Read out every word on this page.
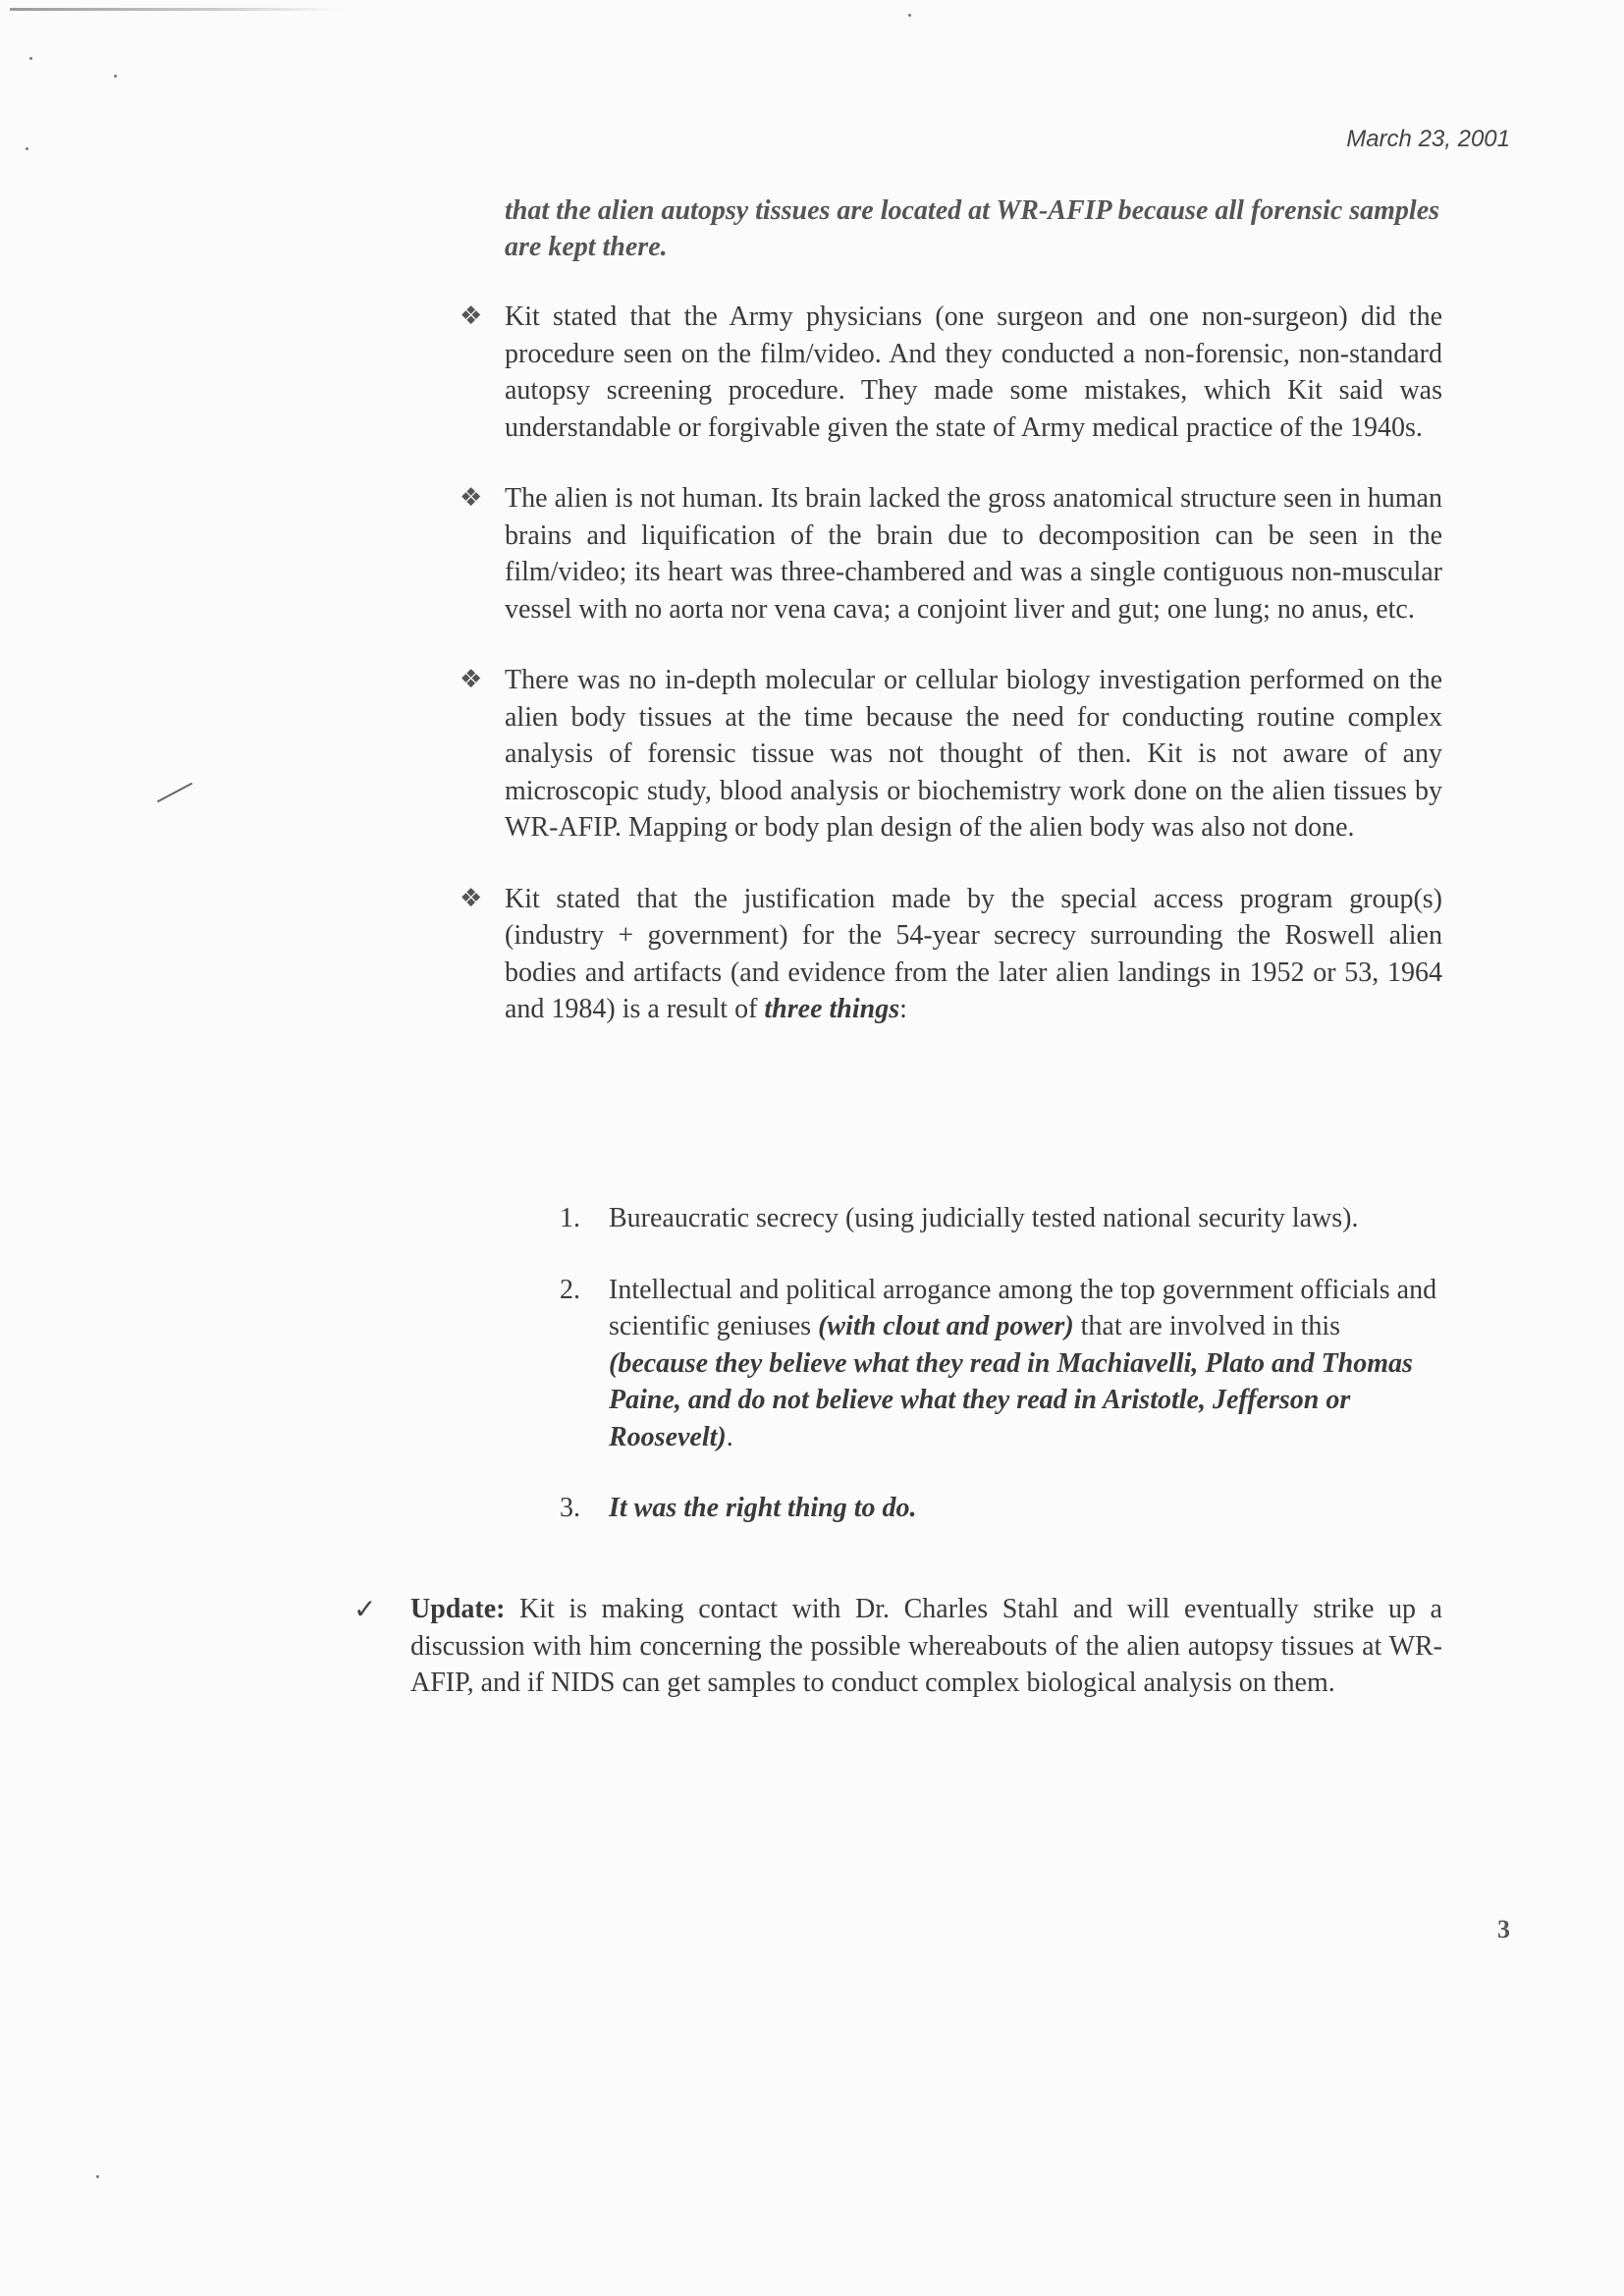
March 23, 2001
that the alien autopsy tissues are located at WR-AFIP because all forensic samples are kept there.
❖ Kit stated that the Army physicians (one surgeon and one non-surgeon) did the procedure seen on the film/video. And they conducted a non-forensic, non-standard autopsy screening procedure. They made some mistakes, which Kit said was understandable or forgivable given the state of Army medical practice of the 1940s.
❖ The alien is not human. Its brain lacked the gross anatomical structure seen in human brains and liquification of the brain due to decomposition can be seen in the film/video; its heart was three-chambered and was a single contiguous non-muscular vessel with no aorta nor vena cava; a conjoint liver and gut; one lung; no anus, etc.
❖ There was no in-depth molecular or cellular biology investigation performed on the alien body tissues at the time because the need for conducting routine complex analysis of forensic tissue was not thought of then. Kit is not aware of any microscopic study, blood analysis or biochemistry work done on the alien tissues by WR-AFIP. Mapping or body plan design of the alien body was also not done.
❖ Kit stated that the justification made by the special access program group(s) (industry + government) for the 54-year secrecy surrounding the Roswell alien bodies and artifacts (and evidence from the later alien landings in 1952 or 53, 1964 and 1984) is a result of three things:
1. Bureaucratic secrecy (using judicially tested national security laws).
2. Intellectual and political arrogance among the top government officials and scientific geniuses (with clout and power) that are involved in this (because they believe what they read in Machiavelli, Plato and Thomas Paine, and do not believe what they read in Aristotle, Jefferson or Roosevelt).
3. It was the right thing to do.
✓ Update: Kit is making contact with Dr. Charles Stahl and will eventually strike up a discussion with him concerning the possible whereabouts of the alien autopsy tissues at WR-AFIP, and if NIDS can get samples to conduct complex biological analysis on them.
3
